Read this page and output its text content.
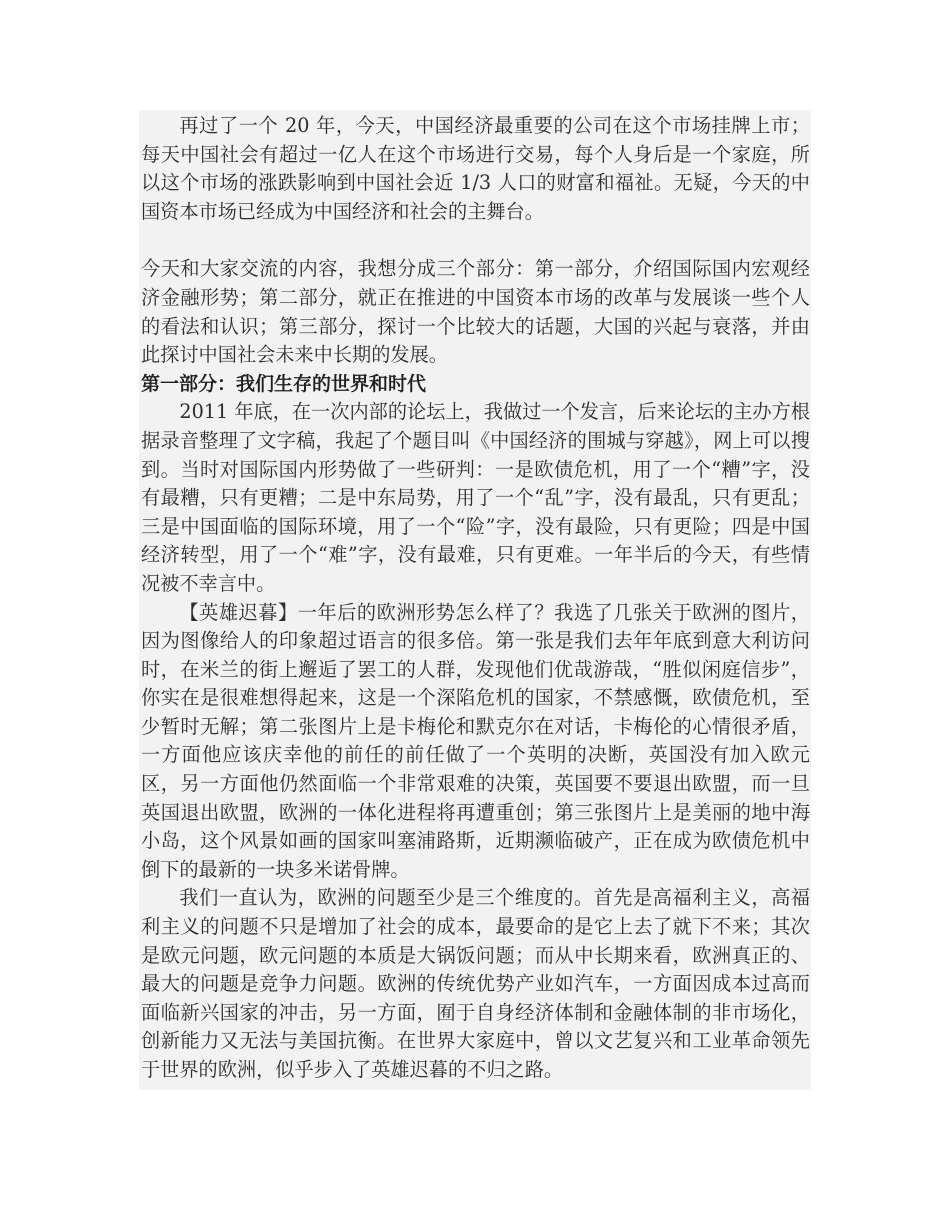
再过了一个 20 年，今天，中国经济最重要的公司在这个市场挂牌上市；每天中国社会有超过一亿人在这个市场进行交易，每个人身后是一个家庭，所以这个市场的涨跌影响到中国社会近 1/3 人口的财富和福祉。无疑，今天的中国资本市场已经成为中国经济和社会的主舞台。

今天和大家交流的内容，我想分成三个部分：第一部分，介绍国际国内宏观经济金融形势；第二部分，就正在推进的中国资本市场的改革与发展谈一些个人的看法和认识；第三部分，探讨一个比较大的话题，大国的兴起与衰落，并由此探讨中国社会未来中长期的发展。

第一部分：我们生存的世界和时代

2011 年底，在一次内部的论坛上，我做过一个发言，后来论坛的主办方根据录音整理了文字稿，我起了个题目叫《中国经济的围城与穿越》，网上可以搜到。当时对国际国内形势做了一些研判：一是欧债危机，用了一个“糟”字，没有最糟，只有更糟；二是中东局势，用了一个“乱”字，没有最乱，只有更乱；三是中国面临的国际环境，用了一个“险”字，没有最险，只有更险；四是中国经济转型，用了一个“难”字，没有最难，只有更难。一年半后的今天，有些情况被不幸言中。

【英雄迟暮】一年后的欧洲形势怎么样了？我选了几张关于欧洲的图片，因为图像给人的印象超过语言的很多倍。第一张是我们去年年底到意大利访问时，在米兰的街上邂逅了罢工的人群，发现他们优哉游哉，“胜似闲庭信步”，你实在是很难想得起来，这是一个深陷危机的国家，不禁感慨，欧债危机，至少暂时无解；第二张图片上是卡梅伦和默克尔在对话，卡梅伦的心情很矛盾，一方面他应该庆幸他的前任的前任做了一个英明的决断，英国没有加入欧元区，另一方面他仍然面临一个非常艰难的决策，英国要不要退出欧盟，而一旦英国退出欧盟，欧洲的一体化进程将再遭重创；第三张图片上是美丽的地中海小岛，这个风景如画的国家叫塞浦路斯，近期濒临破产，正在成为欧债危机中倒下的最新的一块多米诺骨牌。

我们一直认为，欧洲的问题至少是三个维度的。首先是高福利主义，高福利主义的问题不只是增加了社会的成本，最要命的是它上去了就下不来；其次是欧元问题，欧元问题的本质是大锅饭问题；而从中长期来看，欧洲真正的、最大的问题是竞争力问题。欧洲的传统优势产业如汽车，一方面因成本过高而面临新兴国家的冲击，另一方面，囿于自身经济体制和金融体制的非市场化，创新能力又无法与美国抗衡。在世界大家庭中，曾以文艺复兴和工业革命领先于世界的欧洲，似乎步入了英雄迟暮的不归之路。
